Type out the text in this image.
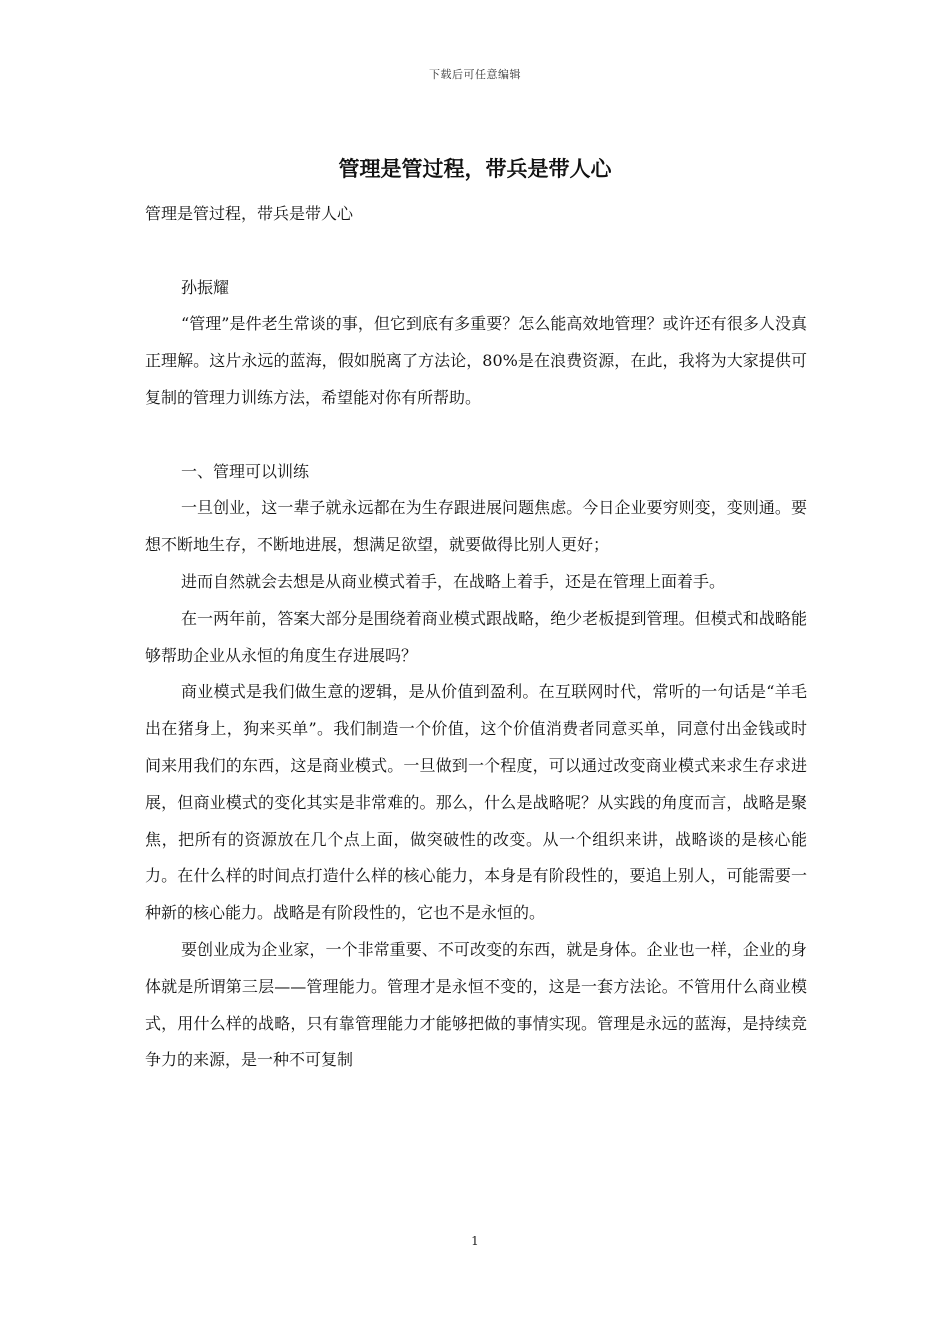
下载后可任意编辑
管理是管过程，带兵是带人心

管理是管过程，带兵是带人心

孙振耀

“管理”是件老生常谈的事，但它到底有多重要？怎么能高效地管理？或许还有很多人没真正理解。这片永远的蓝海，假如脱离了方法论，80%是在浪费资源，在此，我将为大家提供可复制的管理力训练方法，希望能对你有所帮助。

一、管理可以训练

一旦创业，这一辈子就永远都在为生存跟进展问题焦虑。今日企业要穷则变，变则通。要想不断地生存，不断地进展，想满足欲望，就要做得比别人更好；

进而自然就会去想是从商业模式着手，在战略上着手，还是在管理上面着手。

在一两年前，答案大部分是围绕着商业模式跟战略，绝少老板提到管理。但模式和战略能够帮助企业从永恒的角度生存进展吗？

商业模式是我们做生意的逻辑，是从价值到盈利。在互联网时代，常听的一句话是“羊毛出在猪身上，狗来买单”。我们制造一个价值，这个价值消费者同意买单，同意付出金钱或时间来用我们的东西，这是商业模式。一旦做到一个程度，可以通过改变商业模式来求生存求进展，但商业模式的变化其实是非常难的。那么，什么是战略呢？从实践的角度而言，战略是聚焦，把所有的资源放在几个点上面，做突破性的改变。从一个组织来讲，战略谈的是核心能力。在什么样的时间点打造什么样的核心能力，本身是有阶段性的，要追上别人，可能需要一种新的核心能力。战略是有阶段性的，它也不是永恒的。

要创业成为企业家，一个非常重要、不可改变的东西，就是身体。企业也一样，企业的身体就是所谓第三层——管理能力。管理才是永恒不变的，这是一套方法论。不管用什么商业模式，用什么样的战略，只有靠管理能力才能够把做的事情实现。管理是永远的蓝海，是持续竞争力的来源，是一种不可复制

1
